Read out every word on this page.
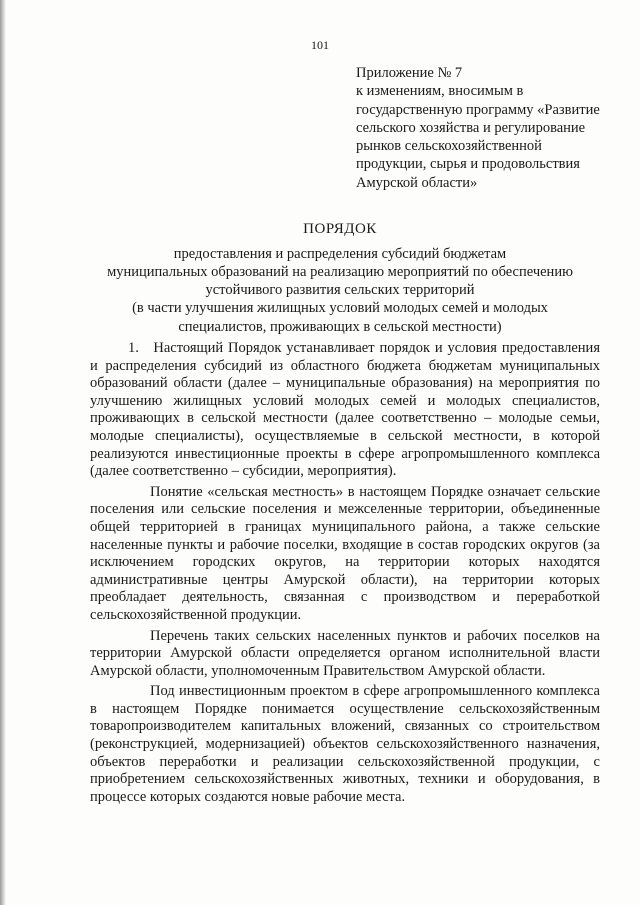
101
Приложение № 7
к изменениям, вносимым в
государственную программу «Развитие
сельского хозяйства и регулирование
рынков сельскохозяйственной
продукции, сырья и продовольствия
Амурской области»
ПОРЯДОК
предоставления и распределения субсидий бюджетам
муниципальных образований на реализацию мероприятий по обеспечению
устойчивого развития сельских территорий
(в части улучшения жилищных условий молодых семей и молодых
специалистов, проживающих в сельской местности)

1. Настоящий Порядок устанавливает порядок и условия предоставления и распределения субсидий из областного бюджета бюджетам муниципальных образований области (далее – муниципальные образования) на мероприятия по улучшению жилищных условий молодых семей и молодых специалистов, проживающих в сельской местности (далее соответственно – молодые семьи, молодые специалисты), осуществляемые в сельской местности, в которой реализуются инвестиционные проекты в сфере агропромышленного комплекса (далее соответственно – субсидии, мероприятия).

Понятие «сельская местность» в настоящем Порядке означает сельские поселения или сельские поселения и межселенные территории, объединенные общей территорией в границах муниципального района, а также сельские населенные пункты и рабочие поселки, входящие в состав городских округов (за исключением городских округов, на территории которых находятся административные центры Амурской области), на территории которых преобладает деятельность, связанная с производством и переработкой сельскохозяйственной продукции.

Перечень таких сельских населенных пунктов и рабочих поселков на территории Амурской области определяется органом исполнительной власти Амурской области, уполномоченным Правительством Амурской области.

Под инвестиционным проектом в сфере агропромышленного комплекса в настоящем Порядке понимается осуществление сельскохозяйственным товаропроизводителем капитальных вложений, связанных со строительством (реконструкцией, модернизацией) объектов сельскохозяйственного назначения, объектов переработки и реализации сельскохозяйственной продукции, с приобретением сельскохозяйственных животных, техники и оборудования, в процессе которых создаются новые рабочие места.
